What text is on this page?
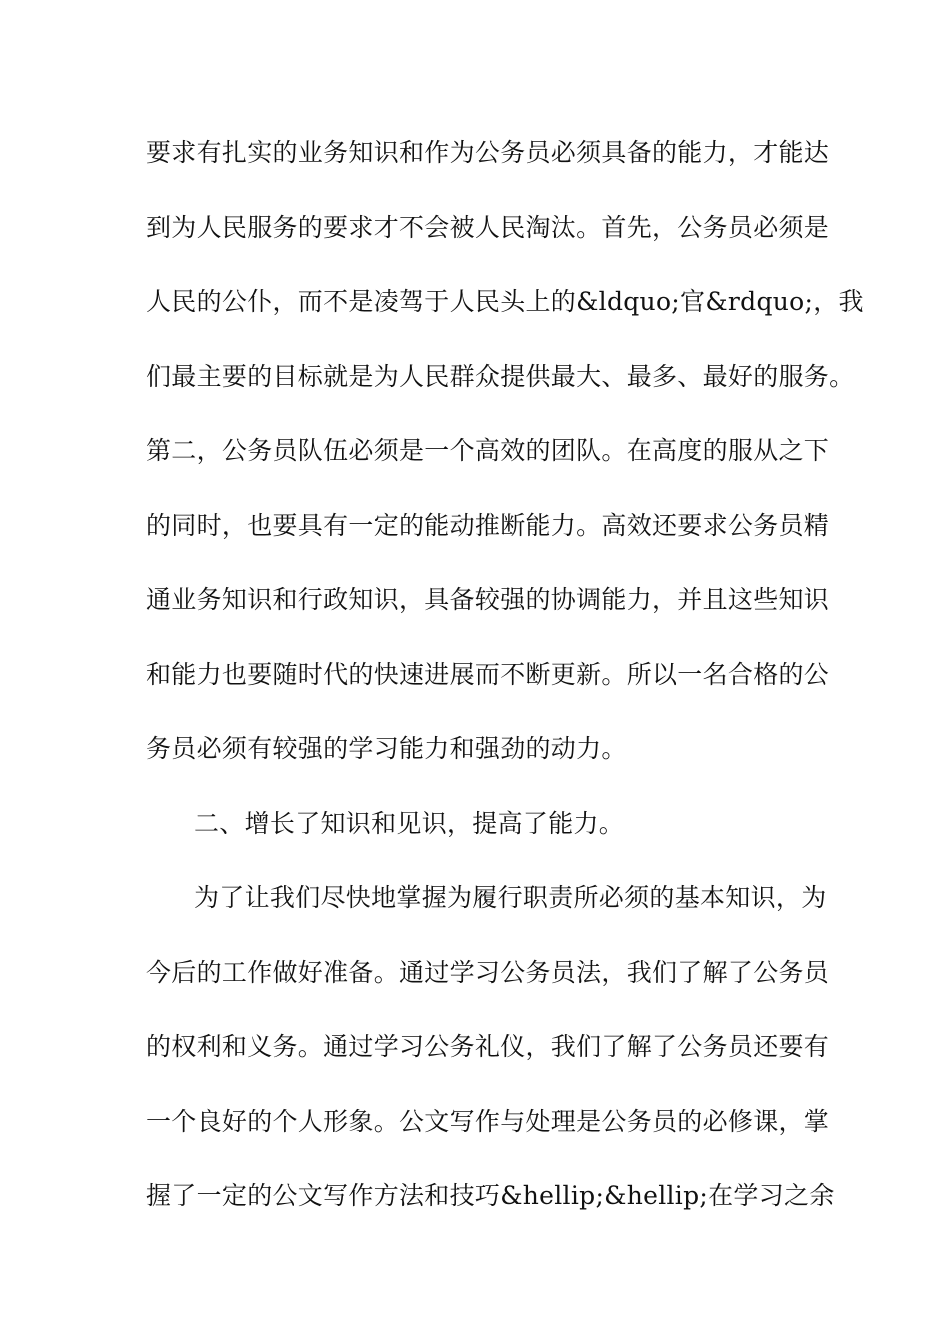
要求有扎实的业务知识和作为公务员必须具备的能力，才能达
到为人民服务的要求才不会被人民淘汰。首先，公务员必须是
人民的公仆，而不是凌驾于人民头上的&ldquo;官&rdquo;，我
们最主要的目标就是为人民群众提供最大、最多、最好的服务。
第二，公务员队伍必须是一个高效的团队。在高度的服从之下
的同时，也要具有一定的能动推断能力。高效还要求公务员精
通业务知识和行政知识，具备较强的协调能力，并且这些知识
和能力也要随时代的快速进展而不断更新。所以一名合格的公
务员必须有较强的学习能力和强劲的动力。
二、增长了知识和见识，提高了能力。
为了让我们尽快地掌握为履行职责所必须的基本知识，为
今后的工作做好准备。通过学习公务员法，我们了解了公务员
的权利和义务。通过学习公务礼仪，我们了解了公务员还要有
一个良好的个人形象。公文写作与处理是公务员的必修课，掌
握了一定的公文写作方法和技巧&hellip;&hellip;在学习之余
